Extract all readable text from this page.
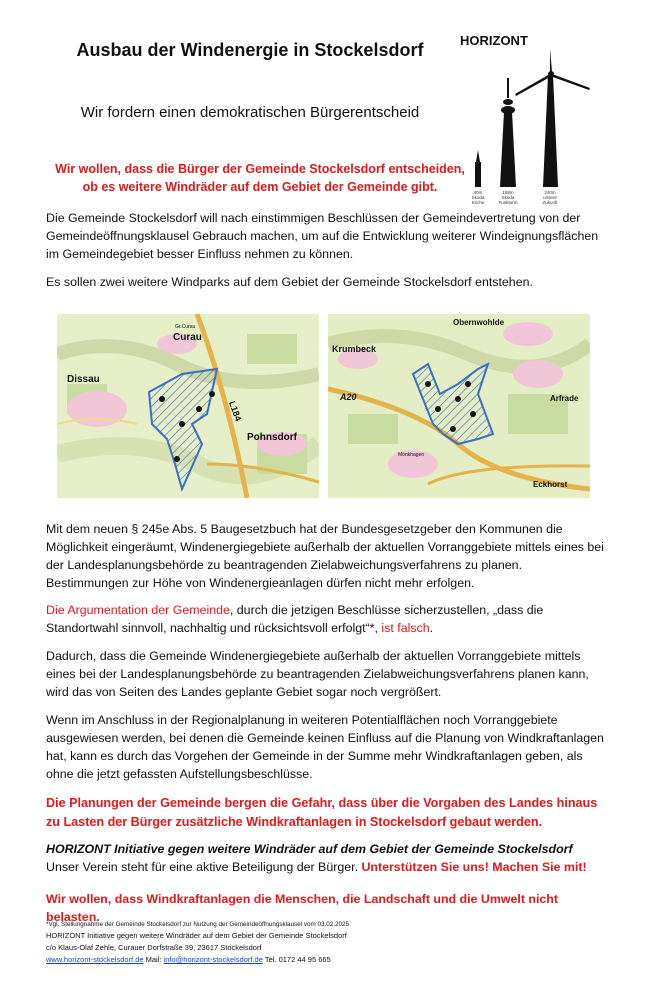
Ausbau der Windenergie in Stockelsdorf
Wir fordern einen demokratischen Bürgerentscheid
HORIZONT
40m
Skoda
Kirche
158m
Skoda
Funkturm
240m
unsere
Zukunft
Wir wollen, dass die Bürger der Gemeinde Stockelsdorf entscheiden,
ob es weitere Windräder auf dem Gebiet der Gemeinde gibt.
Die Gemeinde Stockelsdorf will nach einstimmigen Beschlüssen der Gemeindevertretung von der Gemeindeöffnungsklausel Gebrauch machen, um auf die Entwicklung weiterer Windeignungsflächen im Gemeindegebiet besser Einfluss nehmen zu können.
Es sollen zwei weitere Windparks auf dem Gebiet der Gemeinde Stockelsdorf entstehen.
Gr.Curau
Curau
Dissau
Pohnsdorf
L184
Obernwohlde
Krumbeck
Arfrade
A20
Eckhorst
Mönkhagen
Mit dem neuen § 245e Abs. 5 Baugesetzbuch hat der Bundesgesetzgeber den Kommunen die Möglichkeit eingeräumt, Windenergiegebiete außerhalb der aktuellen Vorranggebiete mittels eines bei der Landesplanungsbehörde zu beantragenden Zielabweichungsverfahrens zu planen. Bestimmungen zur Höhe von Windenergieanlagen dürfen nicht mehr erfolgen.
Die Argumentation der Gemeinde, durch die jetzigen Beschlüsse sicherzustellen, „dass die Standortwahl sinnvoll, nachhaltig und rücksichtsvoll erfolgt“*, ist falsch.
Dadurch, dass die Gemeinde Windenergiegebiete außerhalb der aktuellen Vorranggebiete mittels eines bei der Landesplanungsbehörde zu beantragenden Zielabweichungsverfahrens planen kann, wird das von Seiten des Landes geplante Gebiet sogar noch vergrößert.
Wenn im Anschluss in der Regionalplanung in weiteren Potentialflächen noch Vorranggebiete ausgewiesen werden, bei denen die Gemeinde keinen Einfluss auf die Planung von Windkraftanlagen hat, kann es durch das Vorgehen der Gemeinde in der Summe mehr Windkraftanlagen geben, als ohne die jetzt gefassten Aufstellungsbeschlüsse.
Die Planungen der Gemeinde bergen die Gefahr, dass über die Vorgaben des Landes hinaus zu Lasten der Bürger zusätzliche Windkraftanlagen in Stockelsdorf gebaut werden.
HORIZONT Initiative gegen weitere Windräder auf dem Gebiet der Gemeinde Stockelsdorf
Unser Verein steht für eine aktive Beteiligung der Bürger. Unterstützen Sie uns! Machen Sie mit!
Wir wollen, dass Windkraftanlagen die Menschen, die Landschaft und die Umwelt nicht belasten.
*Vgl. Stellungnahme der Gemeinde Stockelsdorf zur Nutzung der Gemeindeöffnungsklausel vom 03.02.2025
HORIZONT Initiative gegen weitere Windräder auf dem Gebiet der Gemeinde Stockelsdorf
c/o Klaus-Olaf Zehle, Curauer Dorfstraße 39, 23617 Stockelsdorf
www.horizont-stockelsdorf.de Mail: info@horizont-stockelsdorf.de Tel. 0172 44 95 665
